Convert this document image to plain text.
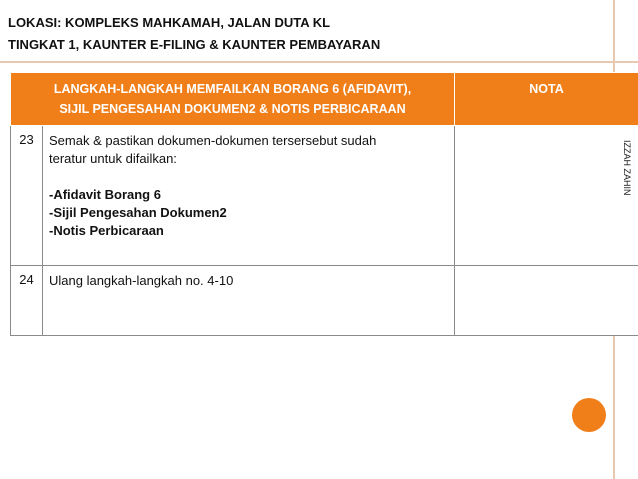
LOKASI: KOMPLEKS MAHKAMAH, JALAN DUTA KL
TINGKAT 1, KAUNTER E-FILING & KAUNTER PEMBAYARAN
LANGKAH-LANGKAH MEMFAILKAN BORANG 6 (AFIDAVIT),
SIJIL PENGESAHAN DOKUMEN2 & NOTIS PERBICARAAN		NOTA
23	Semak & pastikan dokumen-dokumen tersersebut sudah
teratur untuk difailkan:
-Afidavit Borang 6
-Sijil Pengesahan Dokumen2
-Notis Perbicaraan	IZZAH ZAHIN

24	Ulang langkah-langkah no. 4-10	
